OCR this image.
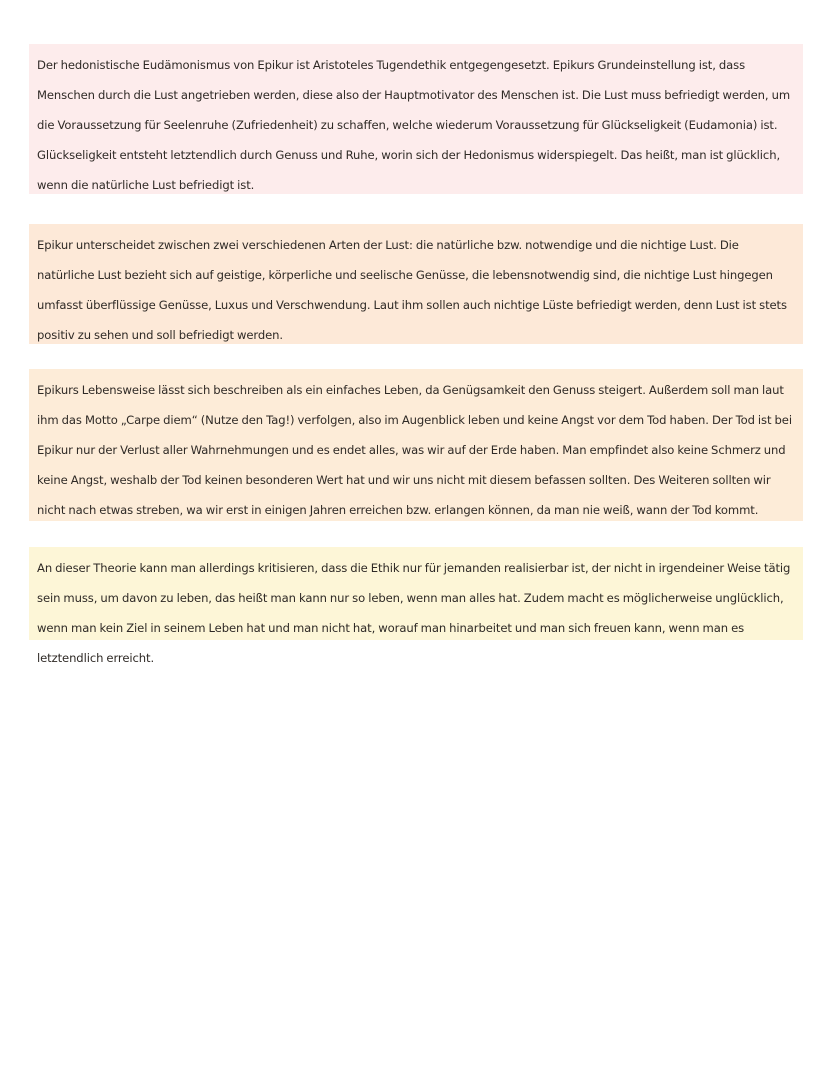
Der hedonistische Eudämonismus von Epikur ist Aristoteles Tugendethik entgegengesetzt. Epikurs Grundeinstellung ist, dass Menschen durch die Lust angetrieben werden, diese also der Hauptmotivator des Menschen ist. Die Lust muss befriedigt werden, um die Voraussetzung für Seelenruhe (Zufriedenheit) zu schaffen, welche wiederum Voraussetzung für Glückseligkeit (Eudamonia) ist. Glückseligkeit entsteht letztendlich durch Genuss und Ruhe, worin sich der Hedonismus widerspiegelt. Das heißt, man ist glücklich, wenn die natürliche Lust befriedigt ist.

Epikur unterscheidet zwischen zwei verschiedenen Arten der Lust: die natürliche bzw. notwendige und die nichtige Lust. Die natürliche Lust bezieht sich auf geistige, körperliche und seelische Genüsse, die lebensnotwendig sind, die nichtige Lust hingegen umfasst überflüssige Genüsse, Luxus und Verschwendung. Laut ihm sollen auch nichtige Lüste befriedigt werden, denn Lust ist stets positiv zu sehen und soll befriedigt werden.

Epikurs Lebensweise lässt sich beschreiben als ein einfaches Leben, da Genügsamkeit den Genuss steigert. Außerdem soll man laut ihm das Motto „Carpe diem“ (Nutze den Tag!) verfolgen, also im Augenblick leben und keine Angst vor dem Tod haben. Der Tod ist bei Epikur nur der Verlust aller Wahrnehmungen und es endet alles, was wir auf der Erde haben. Man empfindet also keine Schmerz und keine Angst, weshalb der Tod keinen besonderen Wert hat und wir uns nicht mit diesem befassen sollten. Des Weiteren sollten wir nicht nach etwas streben, wa wir erst in einigen Jahren erreichen bzw. erlangen können, da man nie weiß, wann der Tod kommt.

An dieser Theorie kann man allerdings kritisieren, dass die Ethik nur für jemanden realisierbar ist, der nicht in irgendeiner Weise tätig sein muss, um davon zu leben, das heißt man kann nur so leben, wenn man alles hat. Zudem macht es möglicherweise unglücklich, wenn man kein Ziel in seinem Leben hat und man nicht hat, worauf man hinarbeitet und man sich freuen kann, wenn man es letztendlich erreicht.
